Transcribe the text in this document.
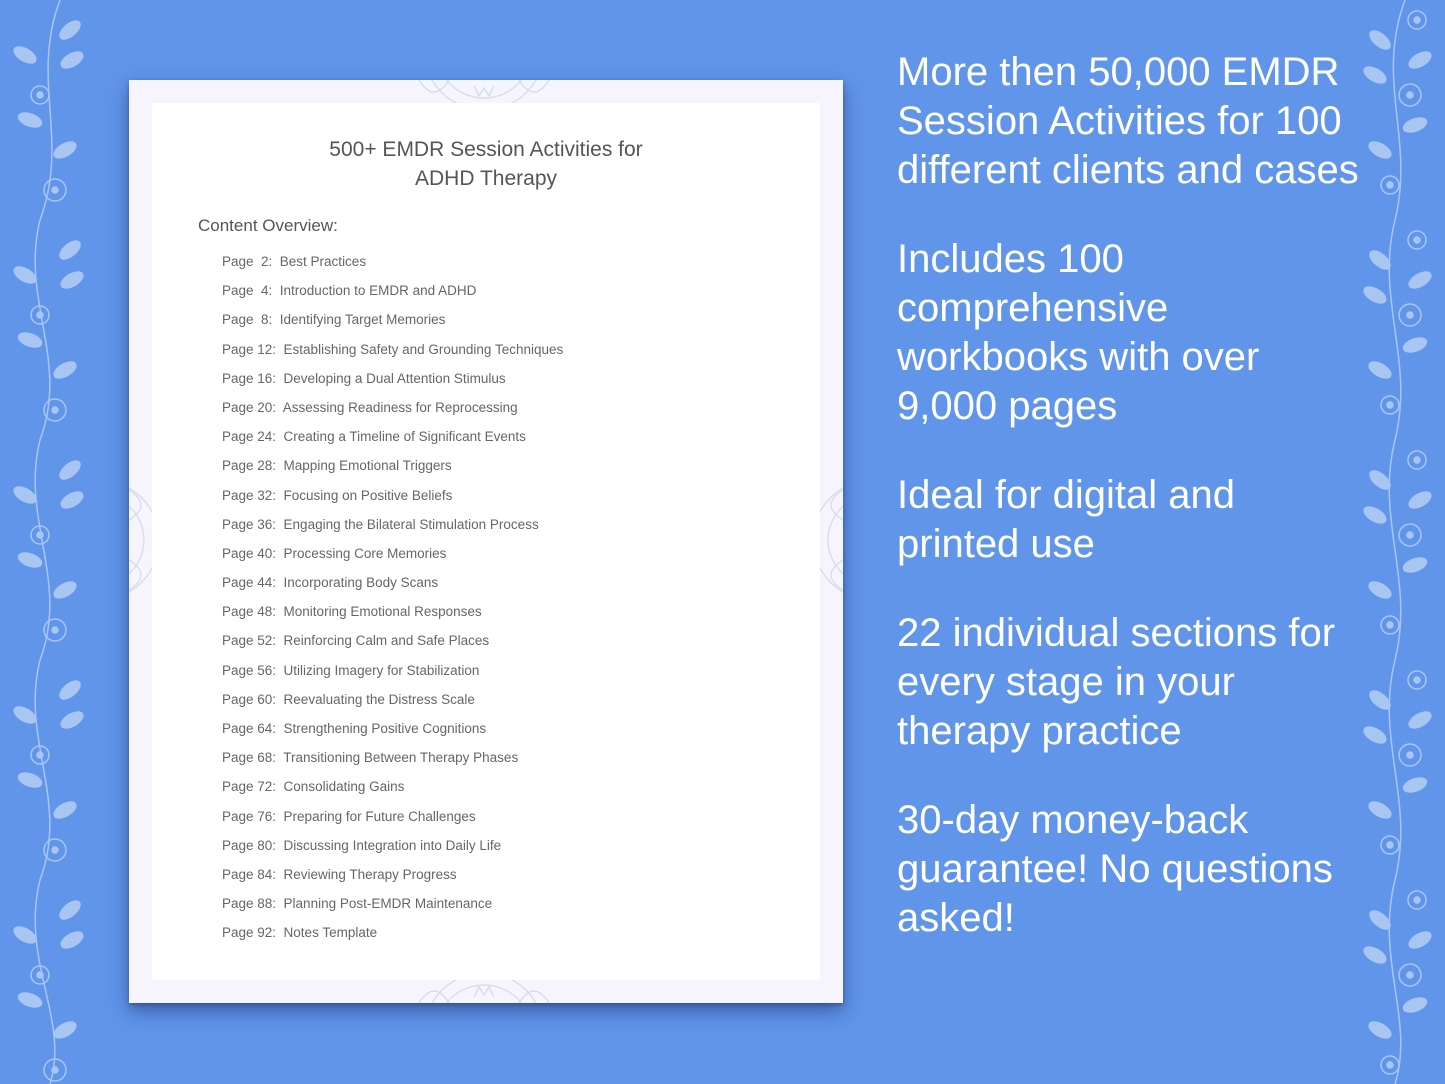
500+ EMDR Session Activities for
ADHD Therapy
Content Overview:
Page  2:  Best Practices
Page  4:  Introduction to EMDR and ADHD
Page  8:  Identifying Target Memories
Page 12:  Establishing Safety and Grounding Techniques
Page 16:  Developing a Dual Attention Stimulus
Page 20:  Assessing Readiness for Reprocessing
Page 24:  Creating a Timeline of Significant Events
Page 28:  Mapping Emotional Triggers
Page 32:  Focusing on Positive Beliefs
Page 36:  Engaging the Bilateral Stimulation Process
Page 40:  Processing Core Memories
Page 44:  Incorporating Body Scans
Page 48:  Monitoring Emotional Responses
Page 52:  Reinforcing Calm and Safe Places
Page 56:  Utilizing Imagery for Stabilization
Page 60:  Reevaluating the Distress Scale
Page 64:  Strengthening Positive Cognitions
Page 68:  Transitioning Between Therapy Phases
Page 72:  Consolidating Gains
Page 76:  Preparing for Future Challenges
Page 80:  Discussing Integration into Daily Life
Page 84:  Reviewing Therapy Progress
Page 88:  Planning Post-EMDR Maintenance
Page 92:  Notes Template

More then 50,000 EMDR Session Activities for 100 different clients and cases

Includes 100 comprehensive workbooks with over 9,000 pages

Ideal for digital and printed use

22 individual sections for every stage in your therapy practice

30-day money-back guarantee! No questions asked!
